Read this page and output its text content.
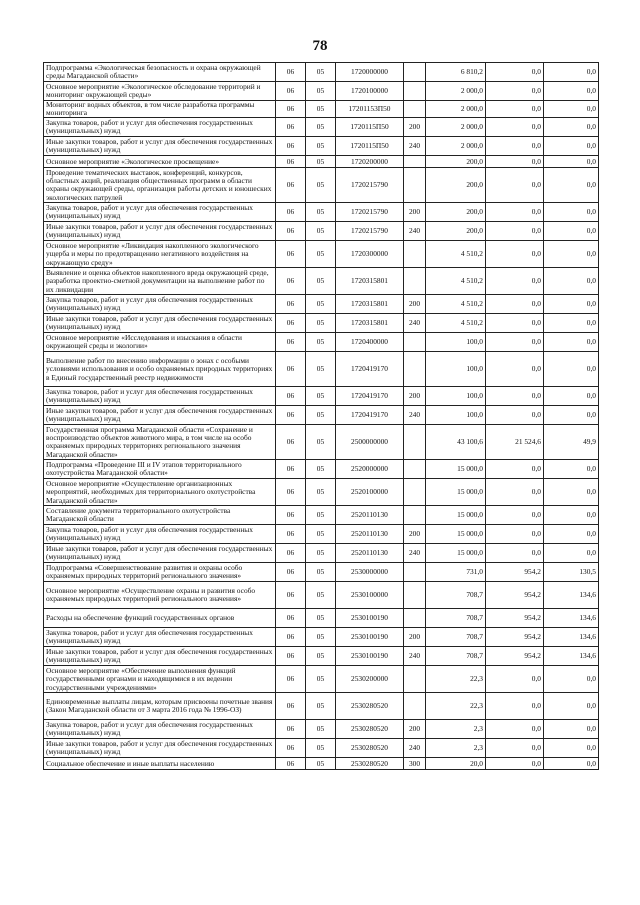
78
Подпрограмма «Экологическая безопасность и охрана окружающей среды Магаданской области»	06	05	1720000000		6 810,2	0,0	0,0
Основное мероприятие «Экологическое обследование территорий и мониторинг окружающей среды»	06	05	1720100000		2 000,0	0,0	0,0
Мониторинг водных объектов, в том числе разработка программы мониторинга	06	05	17201153П50		2 000,0	0,0	0,0
Закупка товаров, работ и услуг для обеспечения государственных (муниципальных) нужд	06	05	1720115П50	200	2 000,0	0,0	0,0
Иные закупки товаров, работ и услуг для обеспечения государственных (муниципальных) нужд	06	05	1720115П50	240	2 000,0	0,0	0,0
Основное мероприятие «Экологическое просвещение»	06	05	1720200000		200,0	0,0	0,0
Проведение тематических выставок, конференций, конкурсов, областных акций, реализация общественных программ в области охраны окружающей среды, организация работы детских и юношеских экологических патрулей	06	05	1720215790		200,0	0,0	0,0
Закупка товаров, работ и услуг для обеспечения государственных (муниципальных) нужд	06	05	1720215790	200	200,0	0,0	0,0
Иные закупки товаров, работ и услуг для обеспечения государственных (муниципальных) нужд	06	05	1720215790	240	200,0	0,0	0,0
Основное мероприятие «Ликвидация накопленного экологического ущерба и меры по предотвращению негативного воздействия на окружающую среду»	06	05	1720300000		4 510,2	0,0	0,0
Выявление и оценка объектов накопленного вреда окружающей среде, разработка проектно-сметной документации на выполнение работ по их ликвидации	06	05	1720315801		4 510,2	0,0	0,0
Закупка товаров, работ и услуг для обеспечения государственных (муниципальных) нужд	06	05	1720315801	200	4 510,2	0,0	0,0
Иные закупки товаров, работ и услуг для обеспечения государственных (муниципальных) нужд	06	05	1720315801	240	4 510,2	0,0	0,0
Основное мероприятие «Исследования и изыскания в области окружающей среды и экологии»	06	05	1720400000		100,0	0,0	0,0
Выполнение работ по внесению информации о зонах с особыми условиями использования и особо охраняемых природных территориях в Единый государственный реестр недвижимости	06	05	1720419170		100,0	0,0	0,0
Закупка товаров, работ и услуг для обеспечения государственных (муниципальных) нужд	06	05	1720419170	200	100,0	0,0	0,0
Иные закупки товаров, работ и услуг для обеспечения государственных (муниципальных) нужд	06	05	1720419170	240	100,0	0,0	0,0
Государственная программа Магаданской области «Сохранение и воспроизводство объектов животного мира, в том числе на особо охраняемых природных территориях регионального значения Магаданской области»	06	05	2500000000		43 100,6	21 524,6	49,9
Подпрограмма «Проведение III и IV этапов территориального охотустройства Магаданской области»	06	05	2520000000		15 000,0	0,0	0,0
Основное мероприятие «Осуществление организационных мероприятий, необходимых для территориального охотустройства Магаданской области»	06	05	2520100000		15 000,0	0,0	0,0
Составление документа территориального охотустройства Магаданской области	06	05	2520110130		15 000,0	0,0	0,0
Закупка товаров, работ и услуг для обеспечения государственных (муниципальных) нужд	06	05	2520110130	200	15 000,0	0,0	0,0
Иные закупки товаров, работ и услуг для обеспечения государственных (муниципальных) нужд	06	05	2520110130	240	15 000,0	0,0	0,0
Подпрограмма «Совершенствование развития и охраны особо охраняемых природных территорий регионального значения»	06	05	2530000000		731,0	954,2	130,5
Основное мероприятие «Осуществление охраны и развития особо охраняемых природных территорий регионального значения»	06	05	2530100000		708,7	954,2	134,6
Расходы на обеспечение функций государственных органов	06	05	2530100190		708,7	954,2	134,6
Закупка товаров, работ и услуг для обеспечения государственных (муниципальных) нужд	06	05	2530100190	200	708,7	954,2	134,6
Иные закупки товаров, работ и услуг для обеспечения государственных (муниципальных) нужд	06	05	2530100190	240	708,7	954,2	134,6
Основное мероприятие «Обеспечение выполнения функций государственными органами и находящимися в их ведении государственными учреждениями»	06	05	2530200000		22,3	0,0	0,0
Единовременные выплаты лицам, которым присвоены почетные звания (Закон Магаданской области от 3 марта 2016 года № 1996-ОЗ)	06	05	2530280520		22,3	0,0	0,0
Закупка товаров, работ и услуг для обеспечения государственных (муниципальных) нужд	06	05	2530280520	200	2,3	0,0	0,0
Иные закупки товаров, работ и услуг для обеспечения государственных (муниципальных) нужд	06	05	2530280520	240	2,3	0,0	0,0
Социальное обеспечение и иные выплаты населению	06	05	2530280520	300	20,0	0,0	0,0
